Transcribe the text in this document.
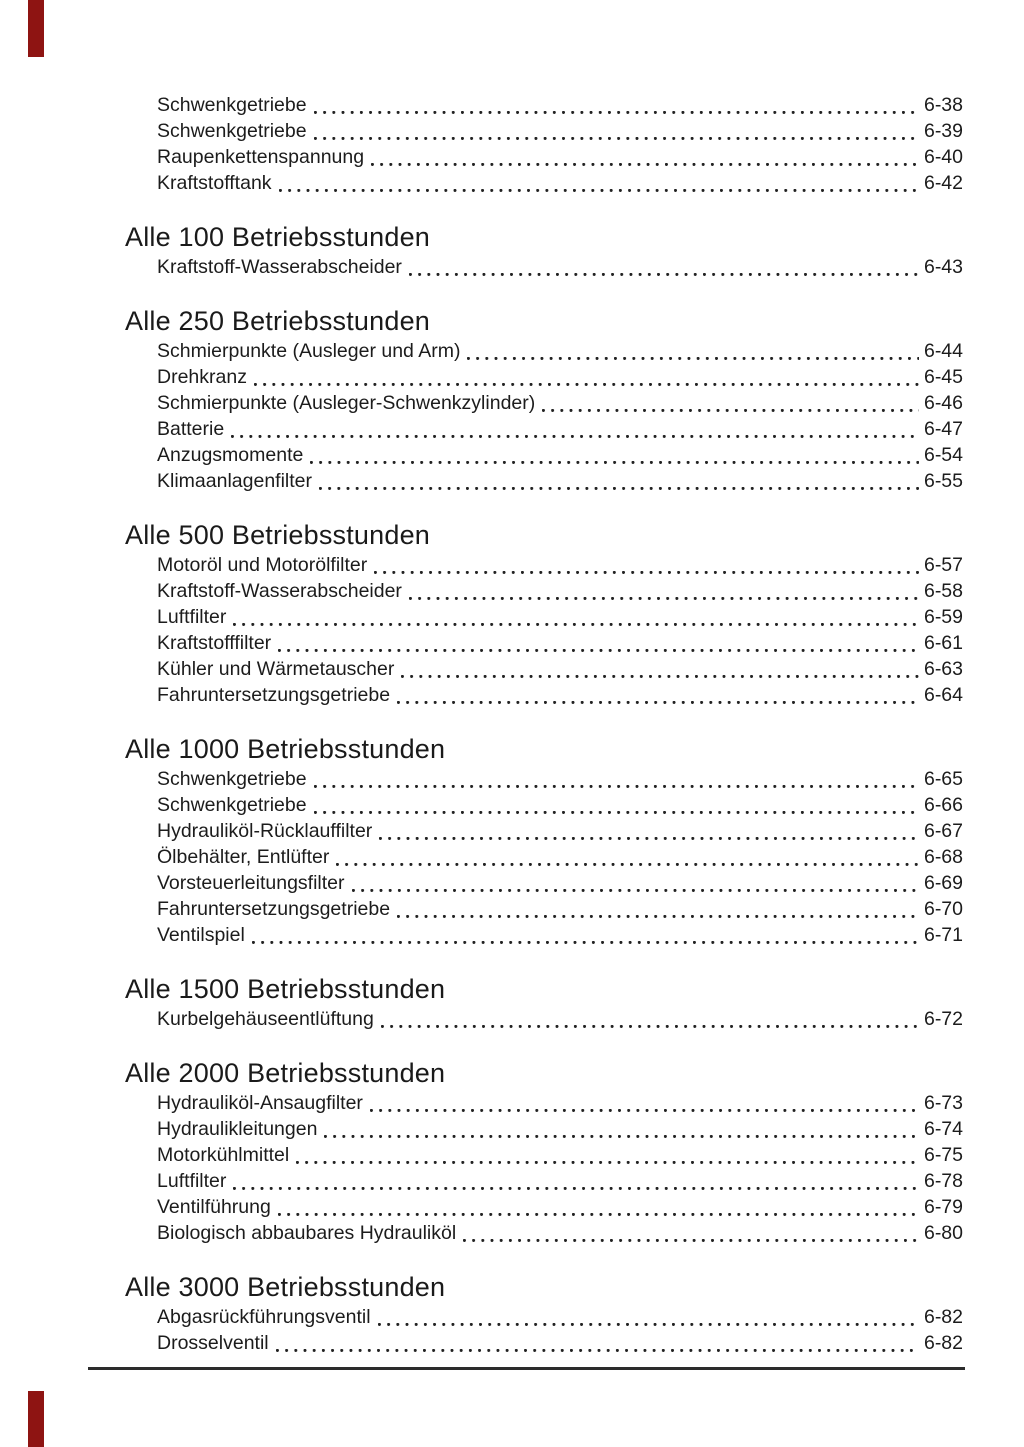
Schwenkgetriebe	6-38
Schwenkgetriebe	6-39
Raupenkettenspannung	6-40
Kraftstofftank	6-42
Alle 100 Betriebsstunden
Kraftstoff-Wasserabscheider	6-43
Alle 250 Betriebsstunden
Schmierpunkte (Ausleger und Arm)	6-44
Drehkranz	6-45
Schmierpunkte (Ausleger-Schwenkzylinder)	6-46
Batterie	6-47
Anzugsmomente	6-54
Klimaanlagenfilter	6-55
Alle 500 Betriebsstunden
Motoröl und Motorölfilter	6-57
Kraftstoff-Wasserabscheider	6-58
Luftfilter	6-59
Kraftstofffilter	6-61
Kühler und Wärmetauscher	6-63
Fahruntersetzungsgetriebe	6-64
Alle 1000 Betriebsstunden
Schwenkgetriebe	6-65
Schwenkgetriebe	6-66
Hydrauliköl-Rücklauffilter	6-67
Ölbehälter, Entlüfter	6-68
Vorsteuerleitungsfilter	6-69
Fahruntersetzungsgetriebe	6-70
Ventilspiel	6-71
Alle 1500 Betriebsstunden
Kurbelgehäuseentlüftung	6-72
Alle 2000 Betriebsstunden
Hydrauliköl-Ansaugfilter	6-73
Hydraulikleitungen	6-74
Motorkühlmittel	6-75
Luftfilter	6-78
Ventilführung	6-79
Biologisch abbaubares Hydrauliköl	6-80
Alle 3000 Betriebsstunden
Abgasrückführungsventil	6-82
Drosselventil	6-82
